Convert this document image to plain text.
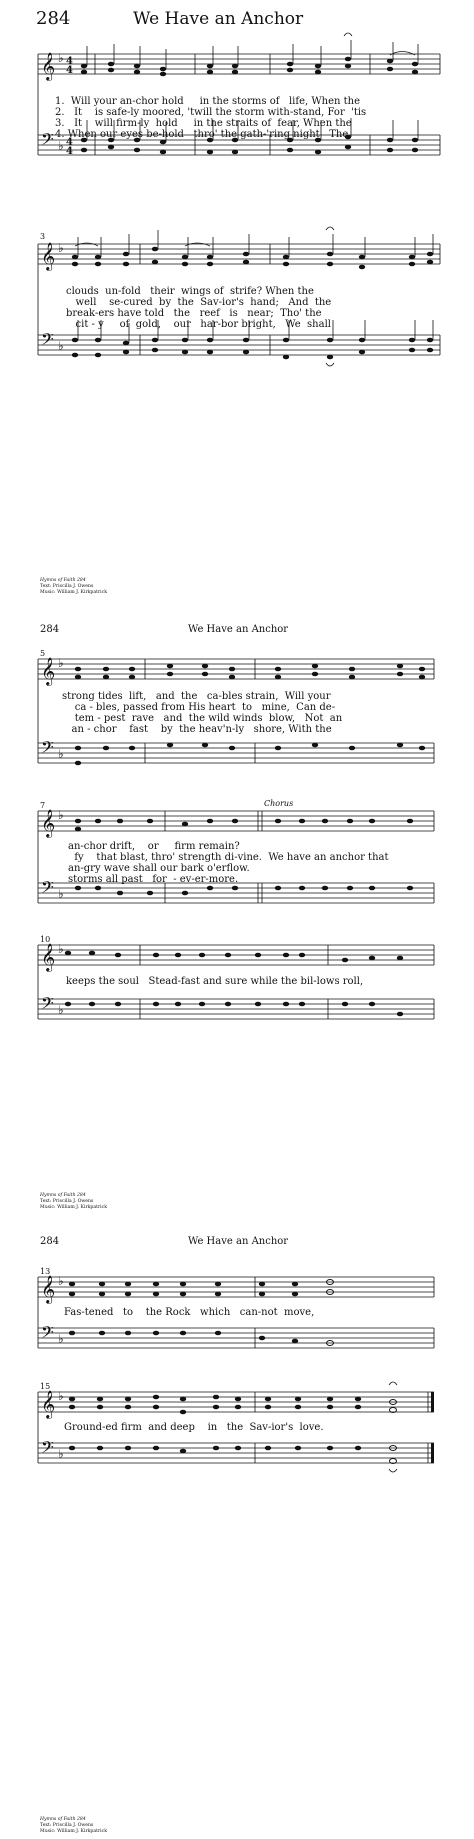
284	We Have an Anchor
𝄞
𝄢
♭
♭
4
4
4
4
𝄞
𝄢
♭
♭
1.  Will your an-chor hold     in the storms of   life, When the
2.   It    is safe-ly moored, 'twill the storm with-stand, For  'tis
3.   It    will firm-ly  hold     in the straits of  fear, When the
4. When our eyes be-hold   thro' the gath-'ring night   The
3
clouds  un-fold   their  wings of  strife? When the
well    se-cured  by  the  Sav-ior's  hand;   And  the
break-ers have told   the   reef   is   near;  Tho' the
cit - y     of  gold,    our   har-bor bright,   We  shall
Hymns of Faith 284
Text: Priscilla J. Owens
Music: William J. Kirkpatrick
284	We Have an Anchor
𝄞
𝄢
♭
♭
𝄞
𝄢
♭
♭
𝄞
𝄢
♭
♭
5
strong tides  lift,   and  the   ca-bles strain,  Will your
ca - bles, passed from His heart  to   mine,  Can de-
tem - pest  rave   and  the wild winds  blow,   Not  an
an - chor    fast    by  the heav'n-ly   shore, With the
7	Chorus
an-chor drift,    or     firm remain?
fy    that blast, thro' strength di-vine.  We have an anchor that
an-gry wave shall our bark o'erflow.
storms all past   for  - ev-er-more.
10
keeps the soul   Stead-fast and sure while the bil-lows roll,
Hymns of Faith 284
Text: Priscilla J. Owens
Music: William J. Kirkpatrick
284	We Have an Anchor
𝄞
𝄢
♭
♭
𝄞
𝄢
♭
♭
13
Fas-tened   to    the Rock   which   can-not  move,
15
Ground-ed firm  and deep    in   the  Sav-ior's  love.
Hymns of Faith 284
Text: Priscilla J. Owens
Music: William J. Kirkpatrick
